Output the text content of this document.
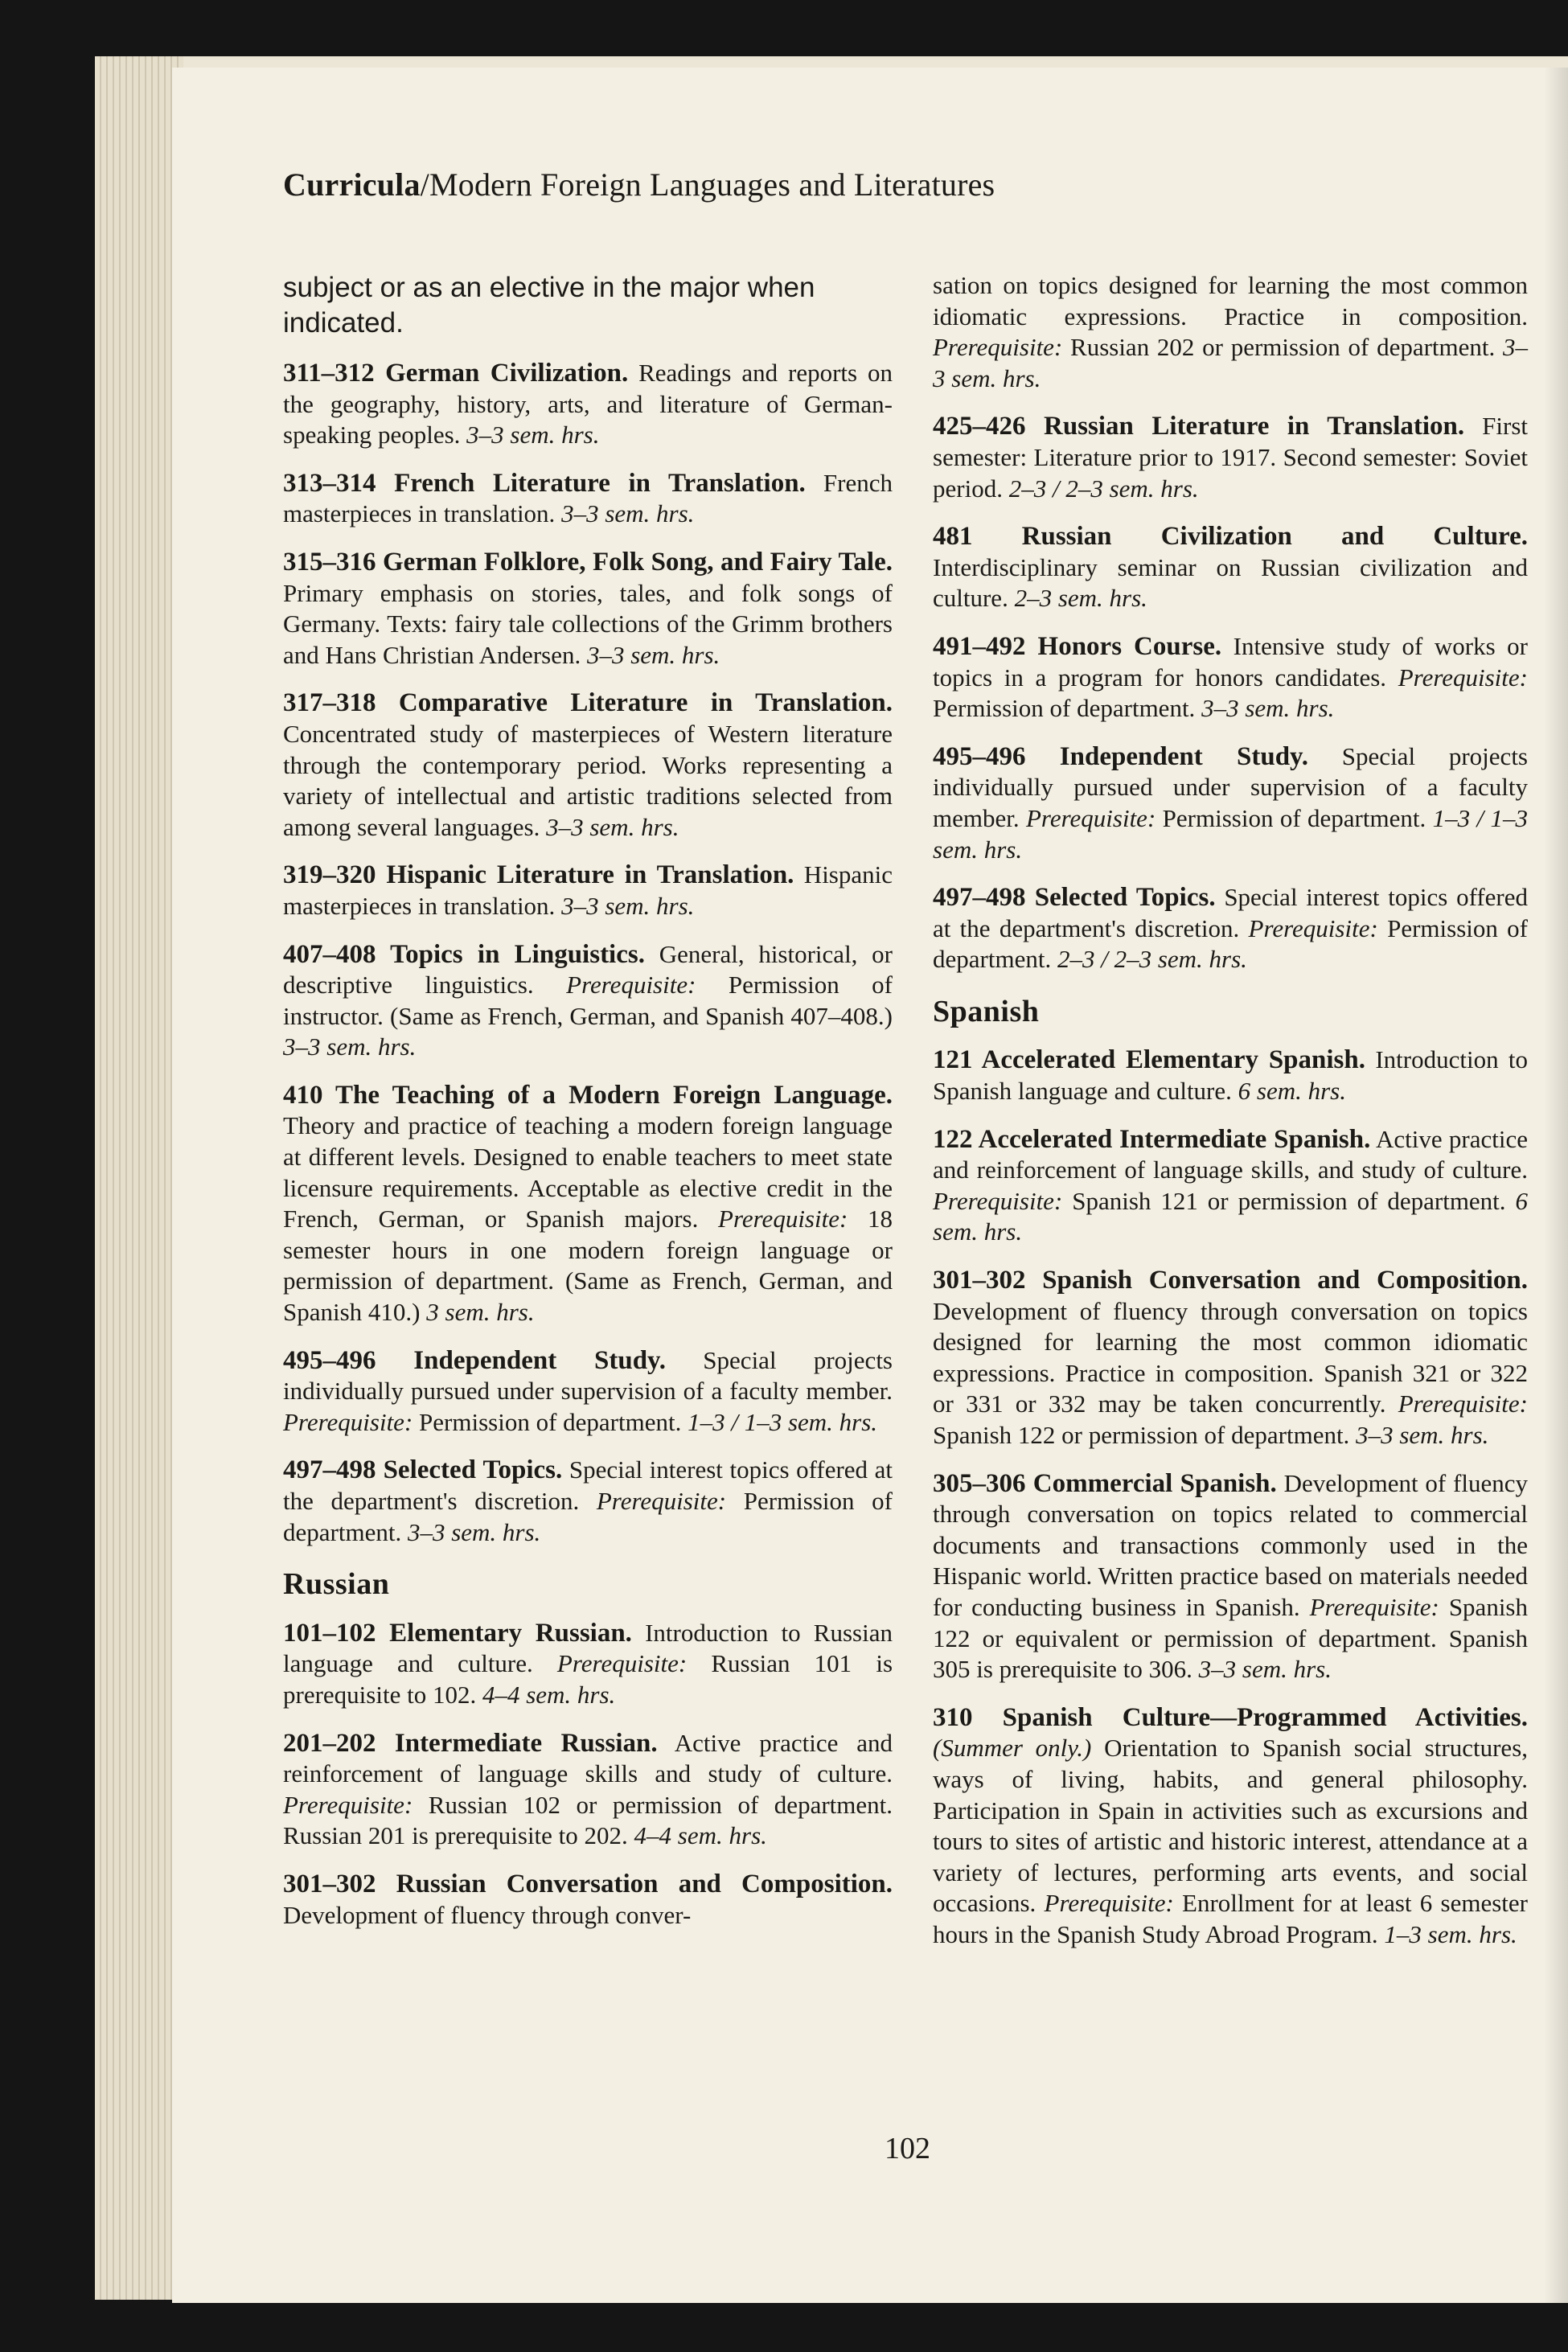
Curricula/Modern Foreign Languages and Literatures
subject or as an elective in the major when indicated.

311–312 German Civilization. Readings and reports on the geography, history, arts, and literature of German-speaking peoples. 3–3 sem. hrs.

313–314 French Literature in Translation. French masterpieces in translation. 3–3 sem. hrs.

315–316 German Folklore, Folk Song, and Fairy Tale. Primary emphasis on stories, tales, and folk songs of Germany. Texts: fairy tale collections of the Grimm brothers and Hans Christian Andersen. 3–3 sem. hrs.

317–318 Comparative Literature in Translation. Concentrated study of masterpieces of Western literature through the contemporary period. Works representing a variety of intellectual and artistic traditions selected from among several languages. 3–3 sem. hrs.

319–320 Hispanic Literature in Translation. Hispanic masterpieces in translation. 3–3 sem. hrs.

407–408 Topics in Linguistics. General, historical, or descriptive linguistics. Prerequisite: Permission of instructor. (Same as French, German, and Spanish 407–408.) 3–3 sem. hrs.

410 The Teaching of a Modern Foreign Language. Theory and practice of teaching a modern foreign language at different levels. Designed to enable teachers to meet state licensure requirements. Acceptable as elective credit in the French, German, or Spanish majors. Prerequisite: 18 semester hours in one modern foreign language or permission of department. (Same as French, German, and Spanish 410.) 3 sem. hrs.

495–496 Independent Study. Special projects individually pursued under supervision of a faculty member. Prerequisite: Permission of department. 1–3 / 1–3 sem. hrs.

497–498 Selected Topics. Special interest topics offered at the department's discretion. Prerequisite: Permission of department. 3–3 sem. hrs.

Russian

101–102 Elementary Russian. Introduction to Russian language and culture. Prerequisite: Russian 101 is prerequisite to 102. 4–4 sem. hrs.

201–202 Intermediate Russian. Active practice and reinforcement of language skills and study of culture. Prerequisite: Russian 102 or permission of department. Russian 201 is prerequisite to 202. 4–4 sem. hrs.

301–302 Russian Conversation and Composition. Development of fluency through conver-

sation on topics designed for learning the most common idiomatic expressions. Practice in composition. Prerequisite: Russian 202 or permission of department. 3–3 sem. hrs.

425–426 Russian Literature in Translation. First semester: Literature prior to 1917. Second semester: Soviet period. 2–3 / 2–3 sem. hrs.

481 Russian Civilization and Culture. Interdisciplinary seminar on Russian civilization and culture. 2–3 sem. hrs.

491–492 Honors Course. Intensive study of works or topics in a program for honors candidates. Prerequisite: Permission of department. 3–3 sem. hrs.

495–496 Independent Study. Special projects individually pursued under supervision of a faculty member. Prerequisite: Permission of department. 1–3 / 1–3 sem. hrs.

497–498 Selected Topics. Special interest topics offered at the department's discretion. Prerequisite: Permission of department. 2–3 / 2–3 sem. hrs.

Spanish

121 Accelerated Elementary Spanish. Introduction to Spanish language and culture. 6 sem. hrs.

122 Accelerated Intermediate Spanish. Active practice and reinforcement of language skills, and study of culture. Prerequisite: Spanish 121 or permission of department. 6 sem. hrs.

301–302 Spanish Conversation and Composition. Development of fluency through conversation on topics designed for learning the most common idiomatic expressions. Practice in composition. Spanish 321 or 322 or 331 or 332 may be taken concurrently. Prerequisite: Spanish 122 or permission of department. 3–3 sem. hrs.

305–306 Commercial Spanish. Development of fluency through conversation on topics related to commercial documents and transactions commonly used in the Hispanic world. Written practice based on materials needed for conducting business in Spanish. Prerequisite: Spanish 122 or equivalent or permission of department. Spanish 305 is prerequisite to 306. 3–3 sem. hrs.

310 Spanish Culture—Programmed Activities. (Summer only.) Orientation to Spanish social structures, ways of living, habits, and general philosophy. Participation in Spain in activities such as excursions and tours to sites of artistic and historic interest, attendance at a variety of lectures, performing arts events, and social occasions. Prerequisite: Enrollment for at least 6 semester hours in the Spanish Study Abroad Program. 1–3 sem. hrs.

102
